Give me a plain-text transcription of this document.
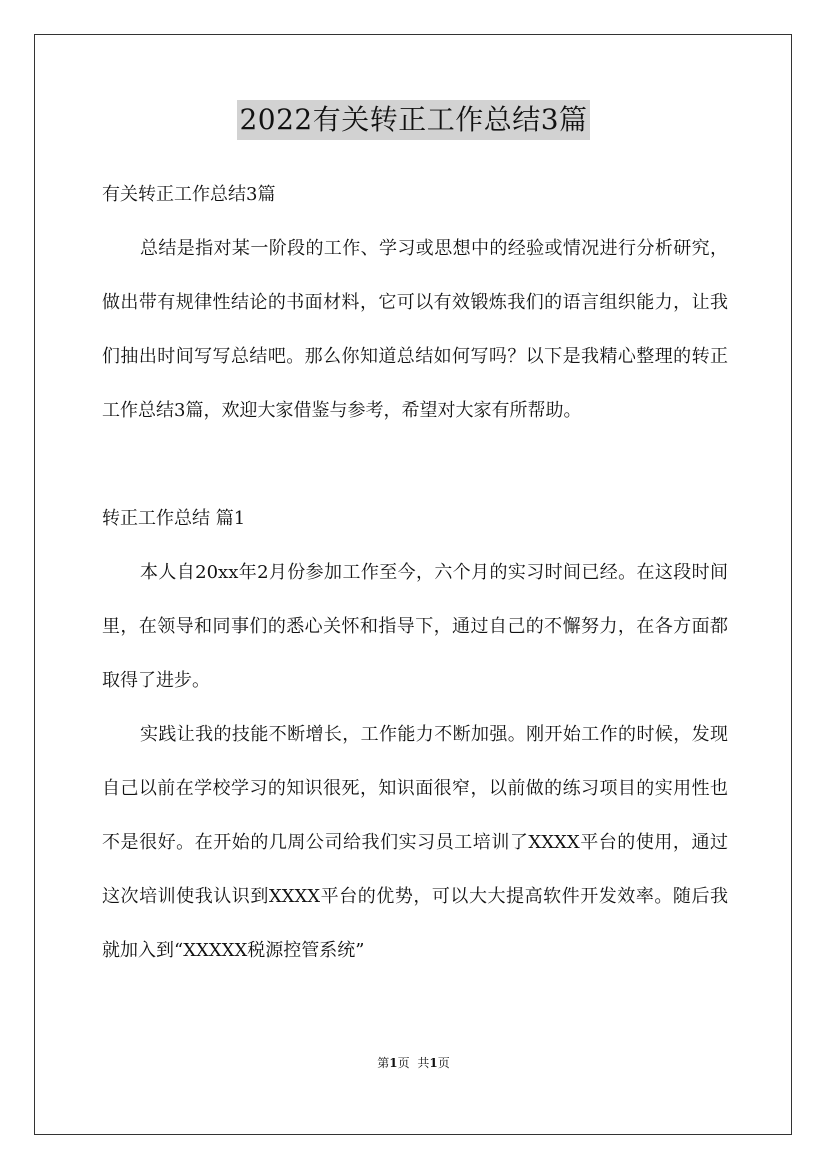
2022有关转正工作总结3篇

有关转正工作总结3篇

总结是指对某一阶段的工作、学习或思想中的经验或情况进行分析研究，做出带有规律性结论的书面材料，它可以有效锻炼我们的语言组织能力，让我们抽出时间写写总结吧。那么你知道总结如何写吗？以下是我精心整理的转正工作总结3篇，欢迎大家借鉴与参考，希望对大家有所帮助。

转正工作总结 篇1

本人自20xx年2月份参加工作至今，六个月的实习时间已经。在这段时间里，在领导和同事们的悉心关怀和指导下，通过自己的不懈努力，在各方面都取得了进步。

实践让我的技能不断增长，工作能力不断加强。刚开始工作的时候，发现自己以前在学校学习的知识很死，知识面很窄，以前做的练习项目的实用性也不是很好。在开始的几周公司给我们实习员工培训了XXXX平台的使用，通过这次培训使我认识到XXXX平台的优势，可以大大提高软件开发效率。随后我就加入到“XXXXX税源控管系统”

第1页 共1页
